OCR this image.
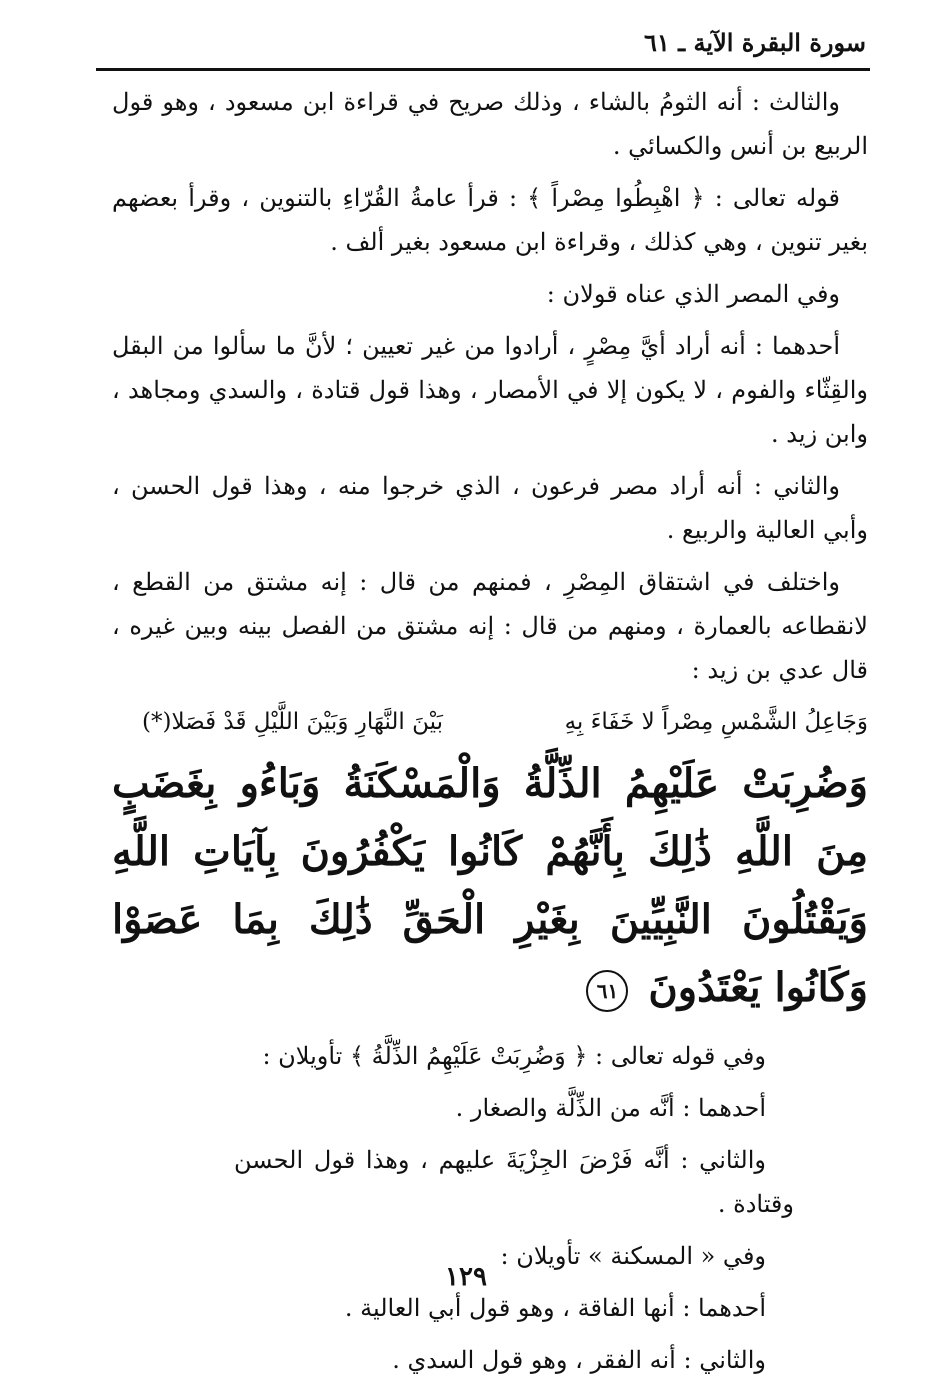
سورة البقرة الآية ـ ٦١

والثالث : أنه الثومُ بالشاء ، وذلك صريح في قراءة ابن مسعود ، وهو قول الربيع بن أنس والكسائي .

قوله تعالى : ﴿ اهْبِطُوا مِصْراً ﴾ : قرأ عامةُ القُرّاءِ بالتنوين ، وقرأ بعضهم بغير تنوين ، وهي كذلك ، وقراءة ابن مسعود بغير ألف .

وفي المصر الذي عناه قولان :

أحدهما : أنه أراد أيَّ مِصْرٍ ، أرادوا من غير تعيين ؛ لأنَّ ما سألوا من البقل والقِثّاء والفوم ، لا يكون إلا في الأمصار ، وهذا قول قتادة ، والسدي ومجاهد ، وابن زيد .

والثاني : أنه أراد مصر فرعون ، الذي خرجوا منه ، وهذا قول الحسن ، وأبي العالية والربيع .

واختلف في اشتقاق المِصْرِ ، فمنهم من قال : إنه مشتق من القطع ، لانقطاعه بالعمارة ، ومنهم من قال : إنه مشتق من الفصل بينه وبين غيره ، قال عدي بن زيد :

وَجَاعِلُ الشَّمْسِ مِصْراً لا خَفَاءَ بِهِ
بَيْنَ النَّهَارِ وَبَيْنَ اللَّيْلِ قَدْ فَصَلا(*)
وَضُرِبَتْ عَلَيْهِمُ الذِّلَّةُ وَالْمَسْكَنَةُ وَبَاءُو بِغَضَبٍ مِنَ اللَّهِ ذَٰلِكَ بِأَنَّهُمْ كَانُوا يَكْفُرُونَ بِآيَاتِ اللَّهِ وَيَقْتُلُونَ النَّبِيِّينَ بِغَيْرِ الْحَقِّ ذَٰلِكَ بِمَا عَصَوْا وَكَانُوا يَعْتَدُونَ ٦١

وفي قوله تعالى : ﴿ وَضُرِبَتْ عَلَيْهِمُ الذِّلَّةُ ﴾ تأويلان :

أحدهما : أنَّه من الذِّلَّة والصغار .

والثاني : أنَّه فَرْضَ الجِزْيَةَ عليهم ، وهذا قول الحسن وقتادة .

وفي « المسكنة » تأويلان :

أحدهما : أنها الفاقة ، وهو قول أبي العالية .

والثاني : أنه الفقر ، وهو قول السدي .

١٢٩
